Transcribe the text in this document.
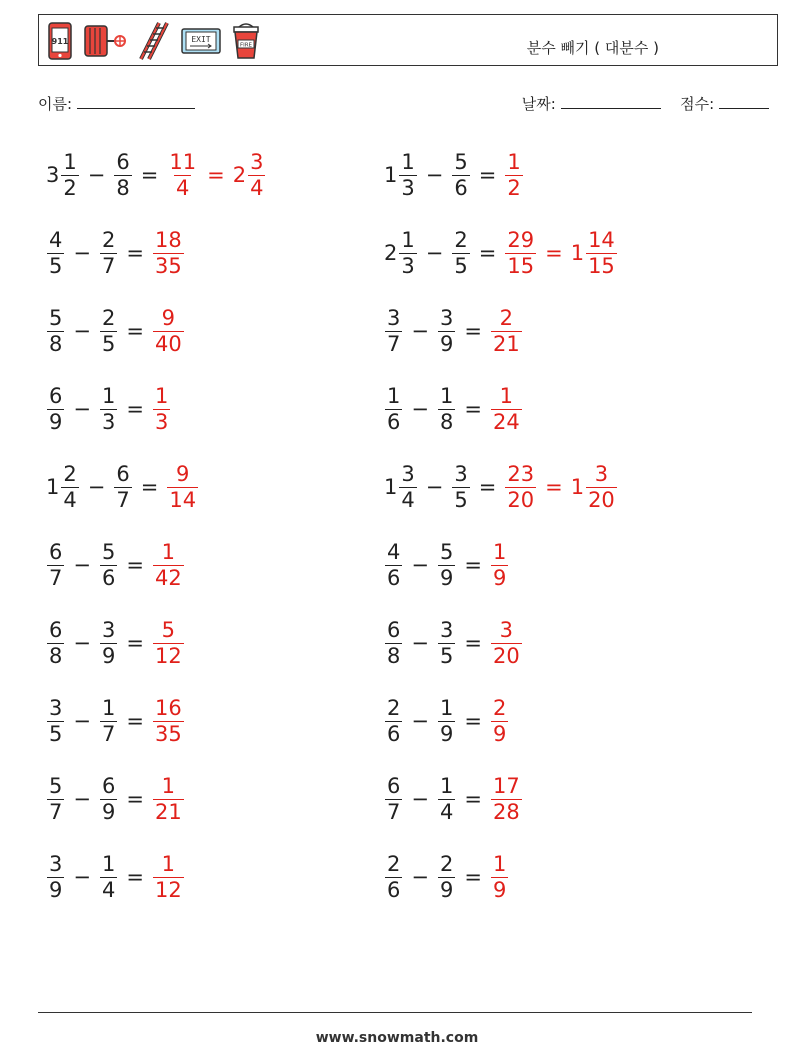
911	EXIT
FIRE	분수 빼기 ( 대분수 )
이름:	날짜:	점수:
$3 \frac{1}{2} - \frac{6}{8} = \frac{11}{4} = 2 \frac{3}{4}$
$\frac{4}{5} - \frac{2}{7} = \frac{18}{35}$
$\frac{5}{8} - \frac{2}{5} = \frac{9}{40}$
$\frac{6}{9} - \frac{1}{3} = \frac{1}{3}$
$1 \frac{2}{4} - \frac{6}{7} = \frac{9}{14}$
$\frac{6}{7} - \frac{5}{6} = \frac{1}{42}$
$\frac{6}{8} - \frac{3}{9} = \frac{5}{12}$
$\frac{3}{5} - \frac{1}{7} = \frac{16}{35}$
$\frac{5}{7} - \frac{6}{9} = \frac{1}{21}$
$\frac{3}{9} - \frac{1}{4} = \frac{1}{12}$
$1 \frac{1}{3} - \frac{5}{6} = \frac{1}{2}$
$2 \frac{1}{3} - \frac{2}{5} = \frac{29}{15} = 1 \frac{14}{15}$
$\frac{3}{7} - \frac{3}{9} = \frac{2}{21}$
$\frac{1}{6} - \frac{1}{8} = \frac{1}{24}$
$1 \frac{3}{4} - \frac{3}{5} = \frac{23}{20} = 1 \frac{3}{20}$
$\frac{4}{6} - \frac{5}{9} = \frac{1}{9}$
$\frac{6}{8} - \frac{3}{5} = \frac{3}{20}$
$\frac{2}{6} - \frac{1}{9} = \frac{2}{9}$
$\frac{6}{7} - \frac{1}{4} = \frac{17}{28}$
$\frac{2}{6} - \frac{2}{9} = \frac{1}{9}$
www.snowmath.com
